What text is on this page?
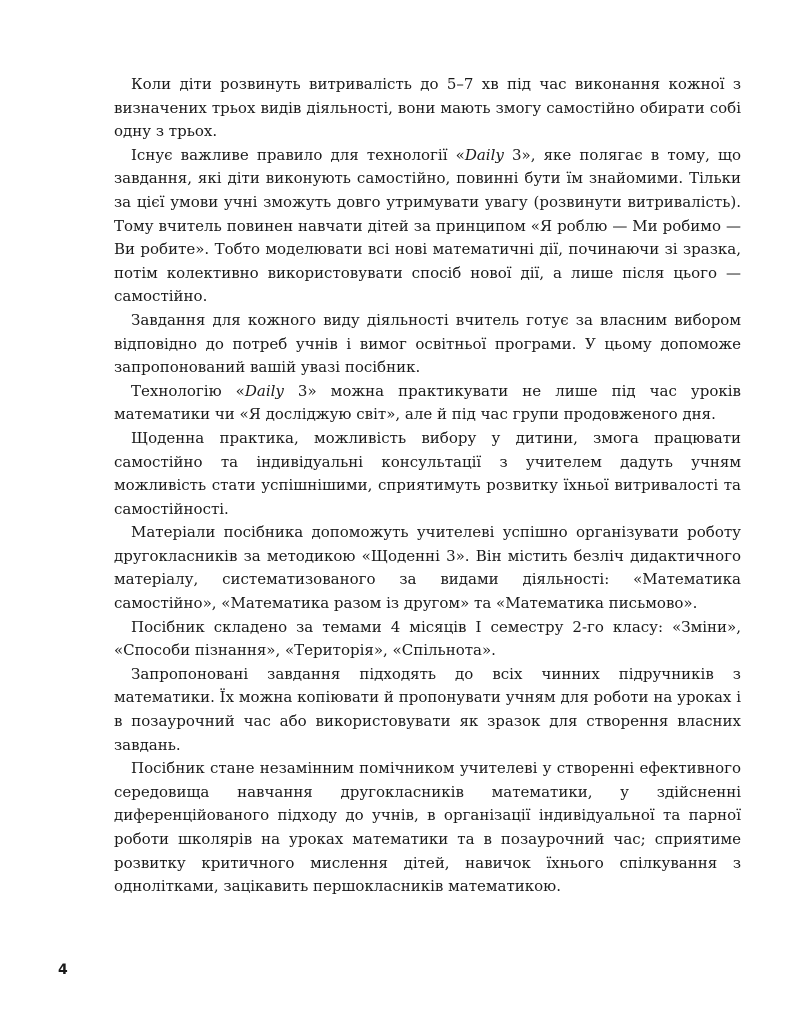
Коли діти розвинуть витривалість до 5–7 хв під час виконання кожної з визначених трьох видів діяльності, вони мають змогу самостійно обирати собі одну з трьох.

Існує важливе правило для технології «Daily 3», яке полягає в тому, що завдання, які діти виконують самостійно, повинні бути їм знайомими. Тільки за цієї умови учні зможуть довго утримувати увагу (розвинути витривалість). Тому вчитель повинен навчати дітей за принципом «Я роблю — Ми робимо — Ви робите». Тобто моделювати всі нові математичні дії, починаючи зі зразка, потім колективно використовувати спосіб нової дії, а лише після цього — самостійно.

Завдання для кожного виду діяльності вчитель готує за власним вибором відповідно до потреб учнів і вимог освітньої програми. У цьому допоможе запропонований вашій увазі посібник.

Технологію «Daily 3» можна практикувати не лише під час уроків математики чи «Я досліджую світ», але й під час групи продовженого дня.

Щоденна практика, можливість вибору у дитини, змога працювати самостійно та індивідуальні консультації з учителем дадуть учням можливість стати успішнішими, сприятимуть розвитку їхньої витривалості та самостійності.

Матеріали посібника допоможуть учителеві успішно організувати роботу другокласників за методикою «Щоденні 3». Він містить безліч дидактичного матеріалу, систематизованого за видами діяльності: «Математика самостійно», «Математика разом із другом» та «Математика письмово».

Посібник складено за темами 4 місяців І семестру 2-го класу: «Зміни», «Способи пізнання», «Територія», «Спільнота».

Запропоновані завдання підходять до всіх чинних підручників з математики. Їх можна копіювати й пропонувати учням для роботи на уроках і в позаурочний час або використовувати як зразок для створення власних завдань.

Посібник стане незамінним помічником учителеві у створенні ефективного середовища навчання другокласників математики, у здійсненні диференційованого підходу до учнів, в організації індивідуальної та парної роботи школярів на уроках математики та в позаурочний час; сприятиме розвитку критичного мислення дітей, навичок їхнього спілкування з однолітками, зацікавить першокласників математикою.

4
